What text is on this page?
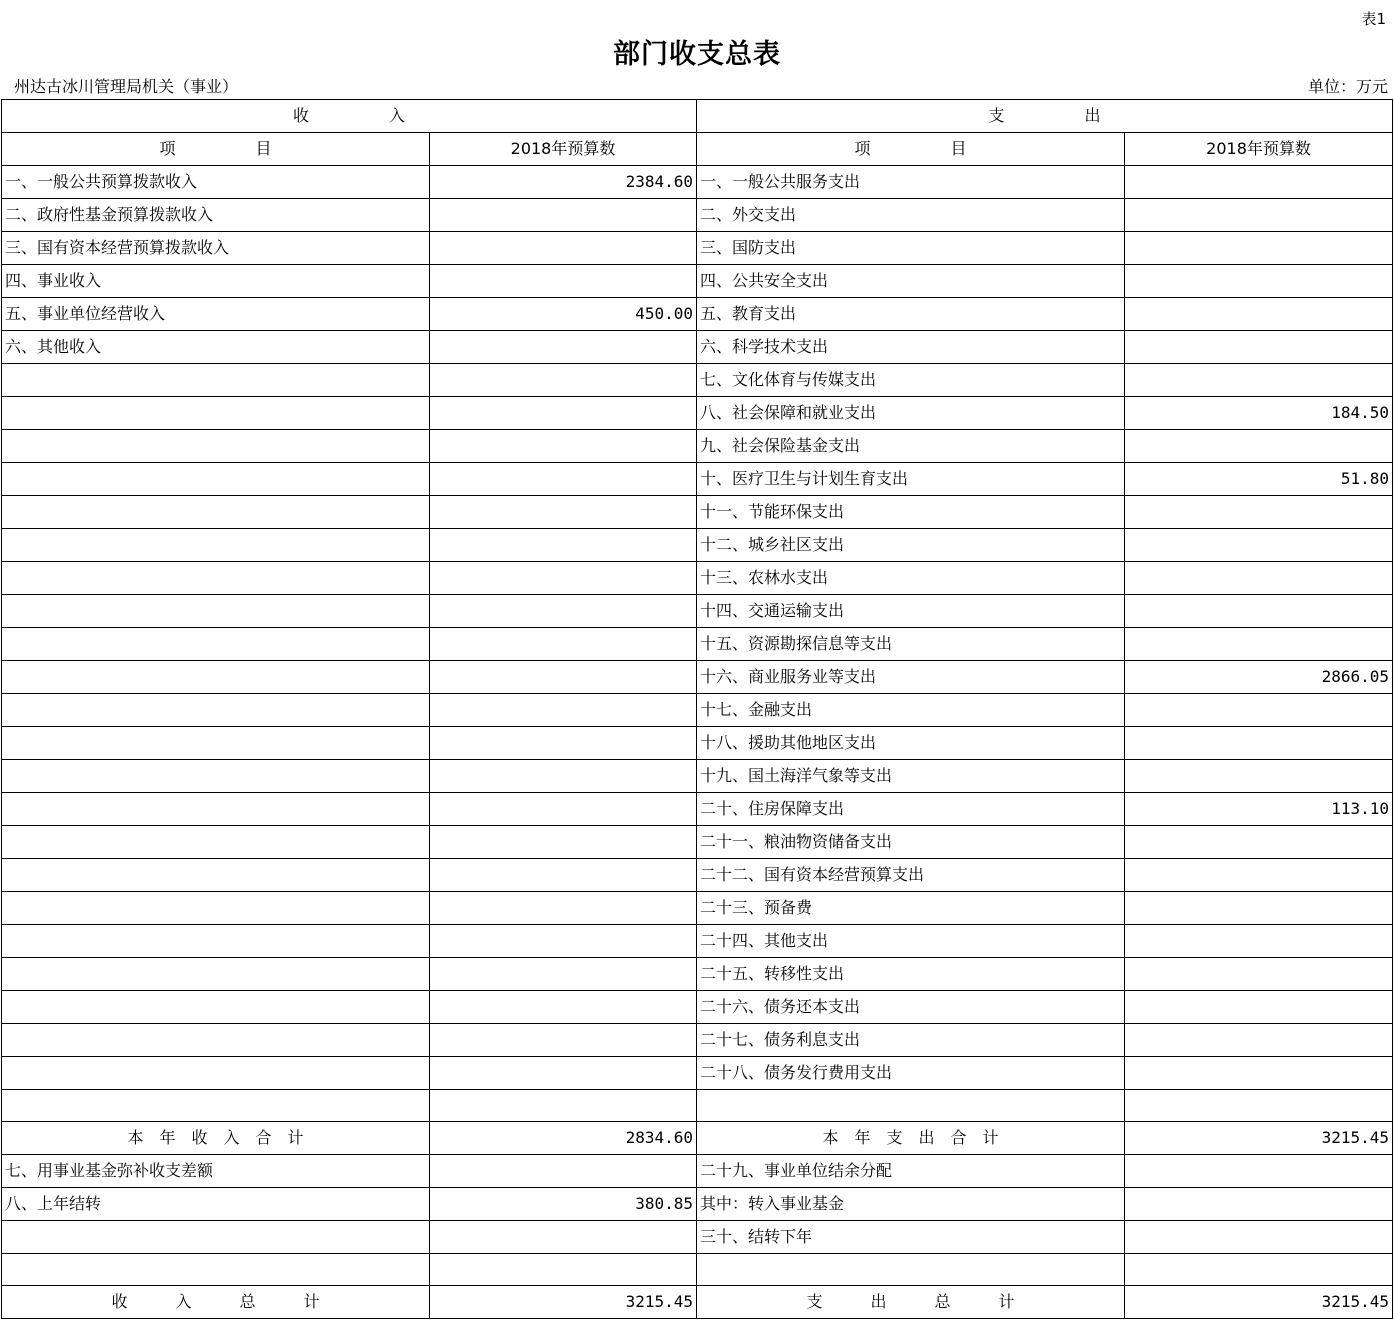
表1
部门收支总表
州达古冰川管理局机关（事业）	单位：万元
收　　　　　入		支　　　　　出	
项　　　　　目	2018年预算数	项　　　　　目	2018年预算数
一、一般公共预算拨款收入	2384.60	一、一般公共服务支出	
二、政府性基金预算拨款收入		二、外交支出	
三、国有资本经营预算拨款收入		三、国防支出	
四、事业收入		四、公共安全支出	
五、事业单位经营收入	450.00	五、教育支出	
六、其他收入		六、科学技术支出	
		七、文化体育与传媒支出	
		八、社会保障和就业支出	184.50
		九、社会保险基金支出	
		十、医疗卫生与计划生育支出	51.80
		十一、节能环保支出	
		十二、城乡社区支出	
		十三、农林水支出	
		十四、交通运输支出	
		十五、资源勘探信息等支出	
		十六、商业服务业等支出	2866.05
		十七、金融支出	
		十八、援助其他地区支出	
		十九、国土海洋气象等支出	
		二十、住房保障支出	113.10
		二十一、粮油物资储备支出	
		二十二、国有资本经营预算支出	
		二十三、预备费	
		二十四、其他支出	
		二十五、转移性支出	
		二十六、债务还本支出	
		二十七、债务利息支出	
		二十八、债务发行费用支出	

本　年　收　入　合　计	2834.60	本　年　支　出　合　计	3215.45
七、用事业基金弥补收支差额		二十九、事业单位结余分配	
八、上年结转	380.85	其中：转入事业基金	
		三十、结转下年	

收　　　入　　　总　　　计	3215.45	支　　　出　　　总　　　计	3215.45
